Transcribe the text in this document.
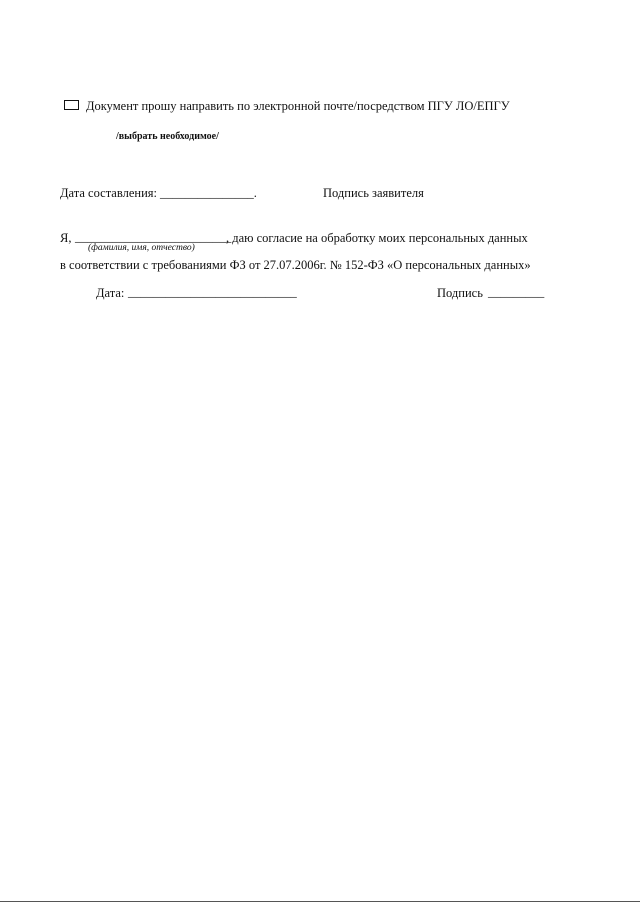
Документ прошу направить по электронной почте/посредством ПГУ ЛО/ЕПГУ
/выбрать необходимое/
Дата составления: _______________.	Подпись заявителя
Я, _________________________
, даю согласие на обработку моих персональных данных
(фамилия, имя, отчество)
в соответствии с требованиями ФЗ от 27.07.2006г. № 152-ФЗ «О персональных данных»
Дата: ___________________________	Подпись _________
